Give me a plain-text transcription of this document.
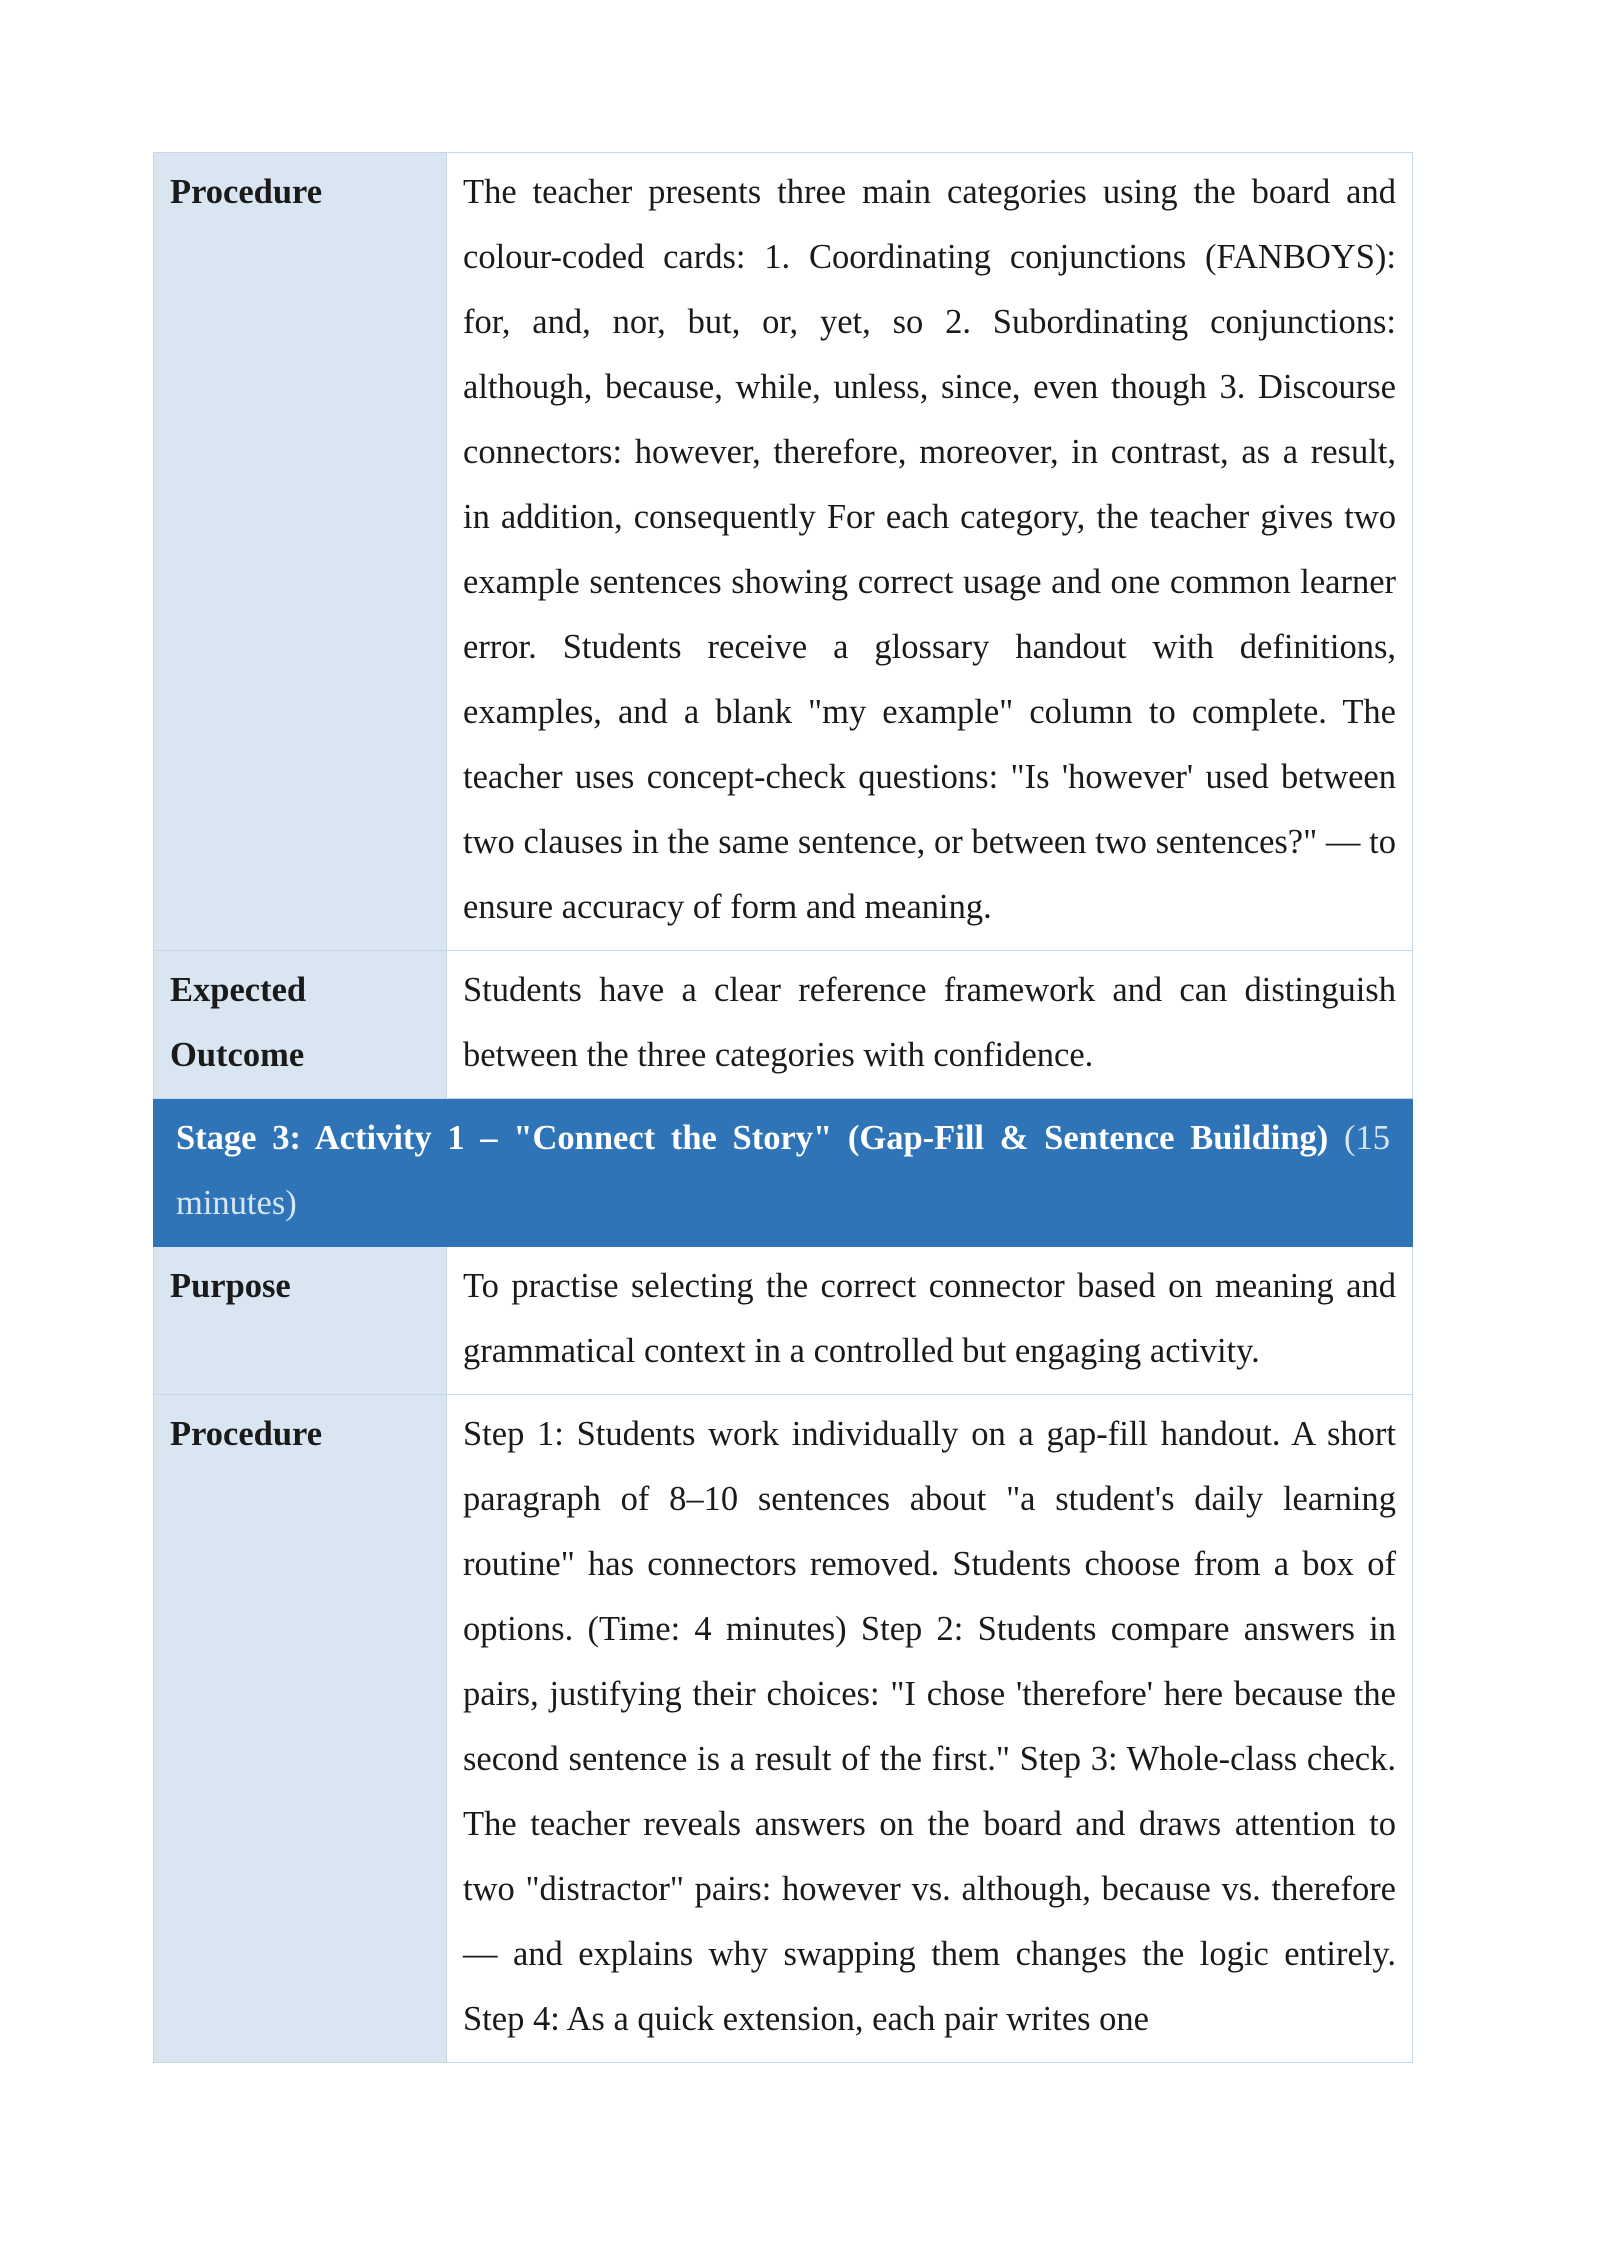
Procedure	The teacher presents three main categories using the board and colour-coded cards: 1. Coordinating conjunctions (FANBOYS): for, and, nor, but, or, yet, so 2. Subordinating conjunctions: although, because, while, unless, since, even though 3. Discourse connectors: however, therefore, moreover, in contrast, as a result, in addition, consequently For each category, the teacher gives two example sentences showing correct usage and one common learner error. Students receive a glossary handout with definitions, examples, and a blank "my example" column to complete. The teacher uses concept-check questions: "Is 'however' used between two clauses in the same sentence, or between two sentences?" — to ensure accuracy of form and meaning.
Expected Outcome	Students have a clear reference framework and can distinguish between the three categories with confidence.
Stage 3: Activity 1 – "Connect the Story" (Gap-Fill & Sentence Building) (15 minutes)	
Purpose	To practise selecting the correct connector based on meaning and grammatical context in a controlled but engaging activity.
Procedure	Step 1: Students work individually on a gap-fill handout. A short paragraph of 8–10 sentences about "a student's daily learning routine" has connectors removed. Students choose from a box of options. (Time: 4 minutes) Step 2: Students compare answers in pairs, justifying their choices: "I chose 'therefore' here because the second sentence is a result of the first." Step 3: Whole-class check. The teacher reveals answers on the board and draws attention to two "distractor" pairs: however vs. although, because vs. therefore — and explains why swapping them changes the logic entirely. Step 4: As a quick extension, each pair writes one
